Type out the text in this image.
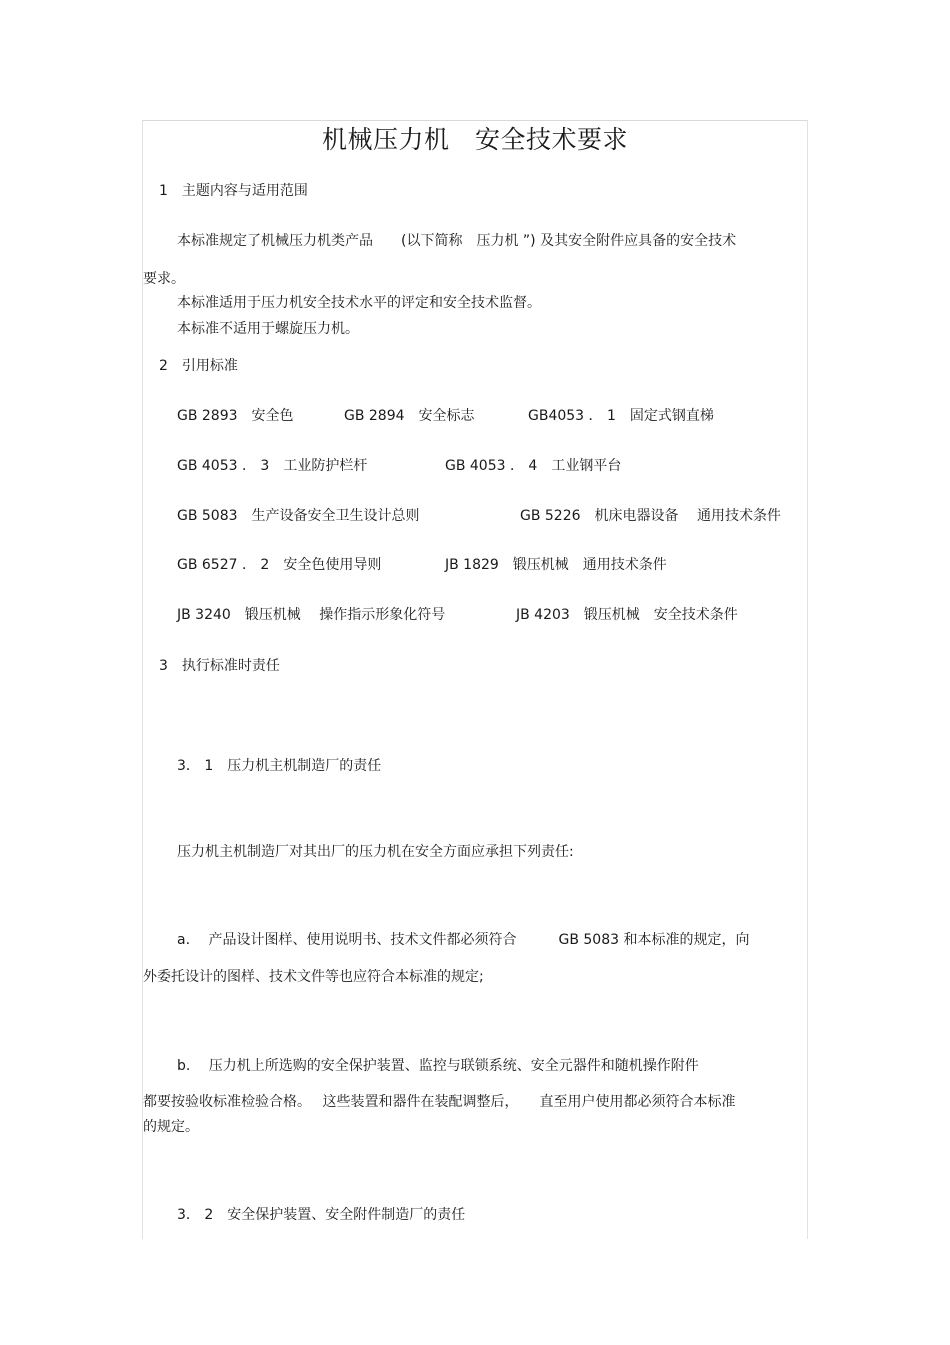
机械压力机　安全技术要求

1　主题内容与适用范围

本标准规定了机械压力机类产品　　(以下简称　压力机 ”) 及其安全附件应具备的安全技术

要求。

本标准适用于压力机安全技术水平的评定和安全技术监督。

本标准不适用于螺旋压力机。

2　引用标准

GB 2893　安全色	GB 2894　安全标志	GB4053 ． 1　固定式钢直梯

GB 4053 ． 3　工业防护栏杆	GB 4053 ． 4　工业钢平台

GB 5083　生产设备安全卫生设计总则	GB 5226　机床电器设备　 通用技术条件

GB 6527 ． 2　安全色使用导则	JB 1829　锻压机械　通用技术条件

JB 3240　锻压机械　 操作指示形象化符号	JB 4203　锻压机械　安全技术条件

3　执行标准时责任

3． 1　压力机主机制造厂的责任

压力机主机制造厂对其出厂的压力机在安全方面应承担下列责任:

a.　 产品设计图样、使用说明书、技术文件都必须符合　　　GB 5083 和本标准的规定，向

外委托设计的图样、技术文件等也应符合本标准的规定;

b.　 压力机上所选购的安全保护装置、监控与联锁系统、安全元器件和随机操作附件

都要按验收标准检验合格。　 这些装置和器件在装配调整后，　　直至用户使用都必须符合本标准

的规定。

3． 2　安全保护装置、安全附件制造厂的责任
